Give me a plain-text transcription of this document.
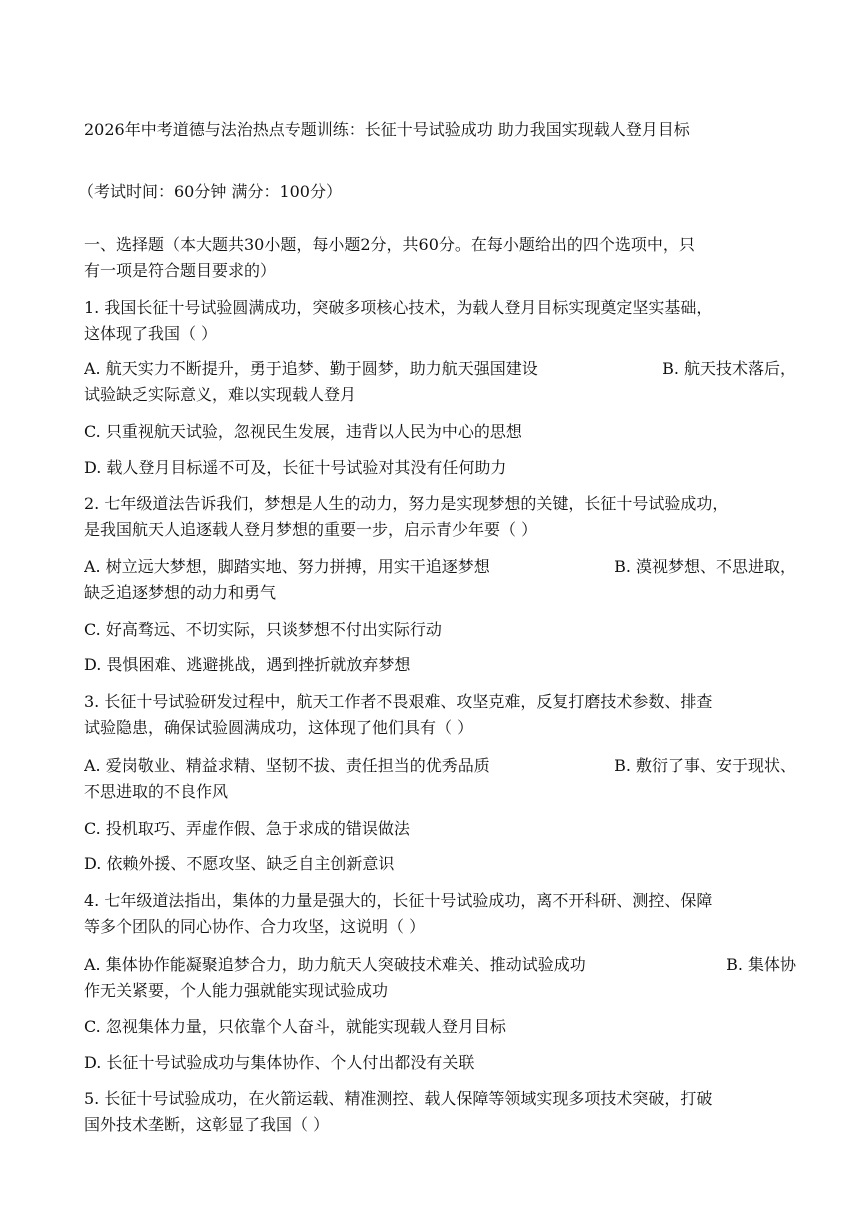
2026年中考道德与法治热点专题训练：长征十号试验成功 助力我国实现载人登月目标
（考试时间：60分钟 满分：100分）
一、选择题（本大题共30小题，每小题2分，共60分。在每小题给出的四个选项中，只
有一项是符合题目要求的）
1. 我国长征十号试验圆满成功，突破多项核心技术，为载人登月目标实现奠定坚实基础，
这体现了我国（ ）
A. 航天实力不断提升，勇于追梦、勤于圆梦，助力航天强国建设	B. 航天技术落后，
试验缺乏实际意义，难以实现载人登月
C. 只重视航天试验，忽视民生发展，违背以人民为中心的思想
D. 载人登月目标遥不可及，长征十号试验对其没有任何助力
2. 七年级道法告诉我们，梦想是人生的动力，努力是实现梦想的关键，长征十号试验成功，
是我国航天人追逐载人登月梦想的重要一步，启示青少年要（ ）
A. 树立远大梦想，脚踏实地、努力拼搏，用实干追逐梦想	B. 漠视梦想、不思进取，
缺乏追逐梦想的动力和勇气
C. 好高骛远、不切实际，只谈梦想不付出实际行动
D. 畏惧困难、逃避挑战，遇到挫折就放弃梦想
3. 长征十号试验研发过程中，航天工作者不畏艰难、攻坚克难，反复打磨技术参数、排查
试验隐患，确保试验圆满成功，这体现了他们具有（ ）
A. 爱岗敬业、精益求精、坚韧不拔、责任担当的优秀品质	B. 敷衍了事、安于现状、
不思进取的不良作风
C. 投机取巧、弄虚作假、急于求成的错误做法
D. 依赖外援、不愿攻坚、缺乏自主创新意识
4. 七年级道法指出，集体的力量是强大的，长征十号试验成功，离不开科研、测控、保障
等多个团队的同心协作、合力攻坚，这说明（ ）
A. 集体协作能凝聚追梦合力，助力航天人突破技术难关、推动试验成功	B. 集体协
作无关紧要，个人能力强就能实现试验成功
C. 忽视集体力量，只依靠个人奋斗，就能实现载人登月目标
D. 长征十号试验成功与集体协作、个人付出都没有关联
5. 长征十号试验成功，在火箭运载、精准测控、载人保障等领域实现多项技术突破，打破
国外技术垄断，这彰显了我国（ ）
